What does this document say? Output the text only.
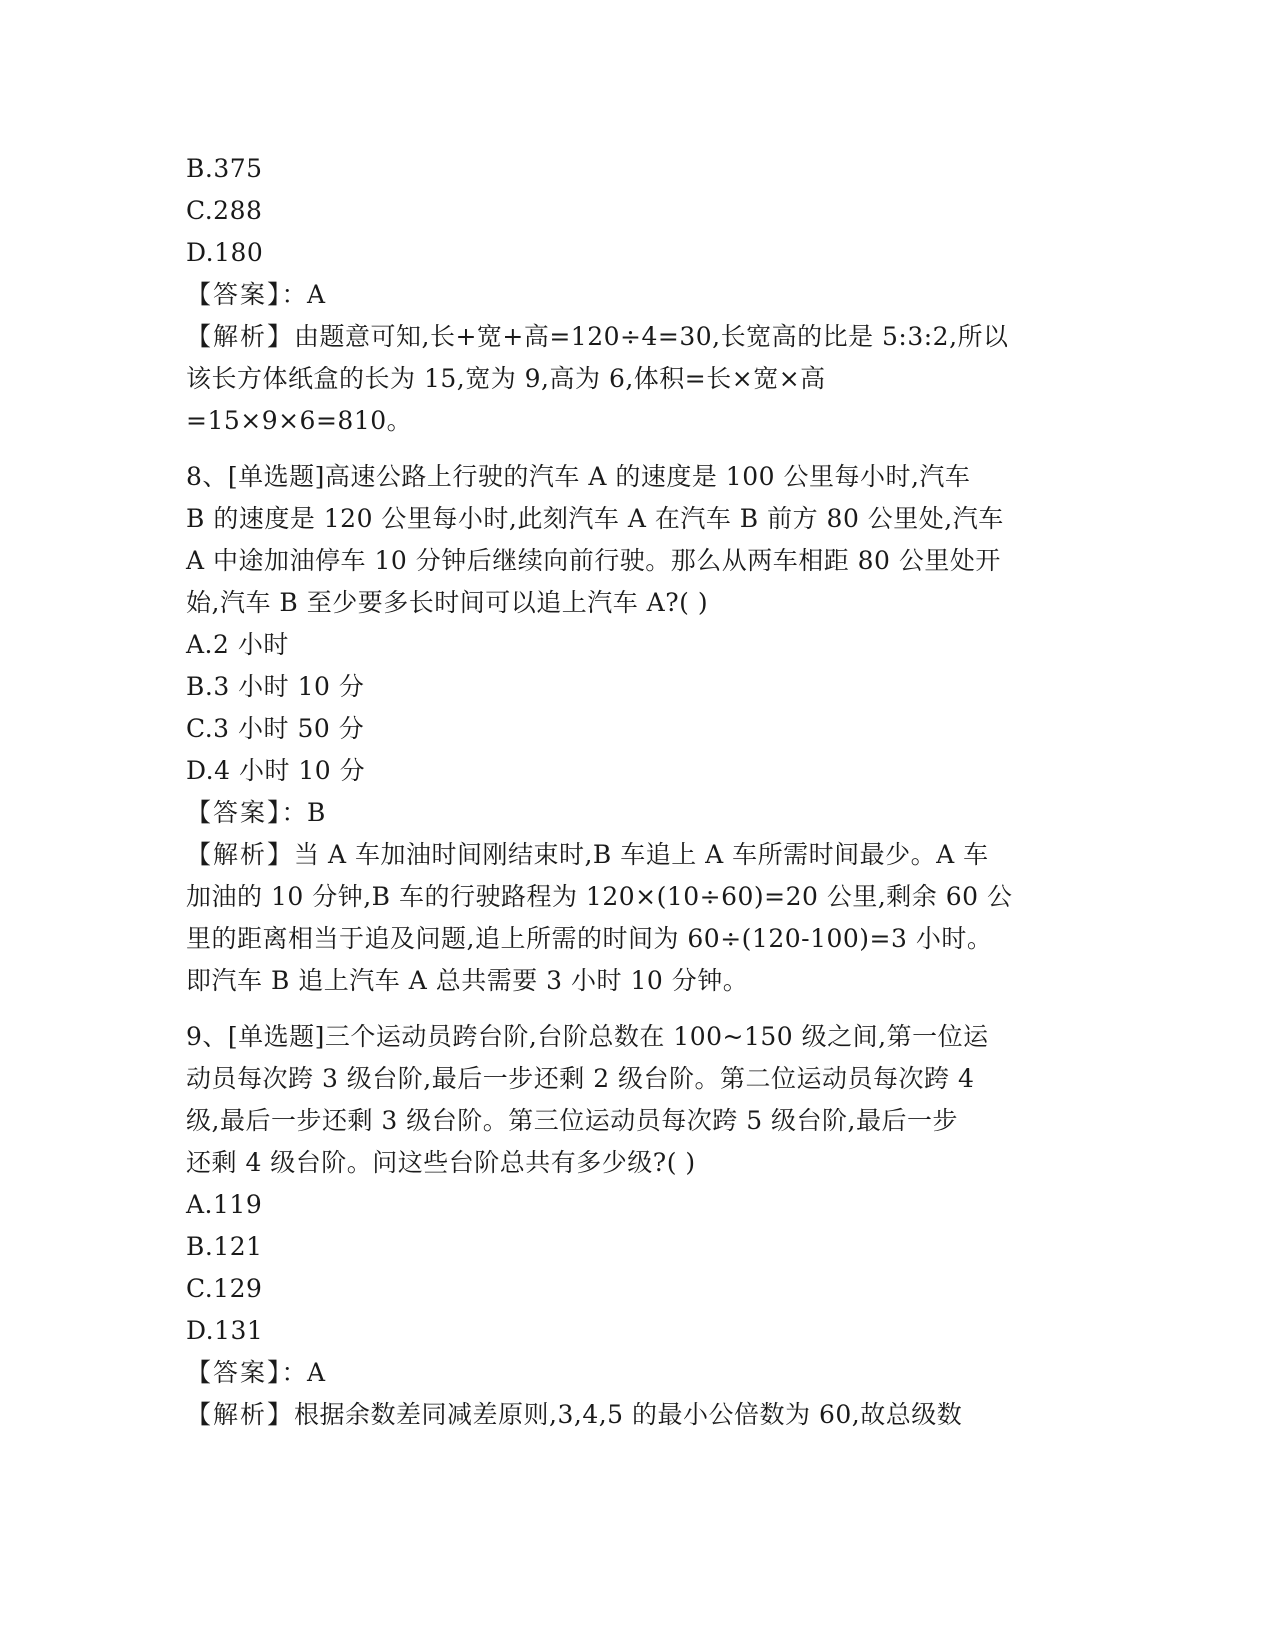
B.375
C.288
D.180
【答案】：A
【解析】由题意可知,长+宽+高=120÷4=30,长宽高的比是 5:3:2,所以
该长方体纸盒的长为 15,宽为 9,高为 6,体积=长×宽×高
=15×9×6=810。
8、[单选题]高速公路上行驶的汽车 A 的速度是 100 公里每小时,汽车
B 的速度是 120 公里每小时,此刻汽车 A 在汽车 B 前方 80 公里处,汽车
A 中途加油停车 10 分钟后继续向前行驶。那么从两车相距 80 公里处开
始,汽车 B 至少要多长时间可以追上汽车 A?( )
A.2 小时
B.3 小时 10 分
C.3 小时 50 分
D.4 小时 10 分
【答案】：B
【解析】当 A 车加油时间刚结束时,B 车追上 A 车所需时间最少。A 车
加油的 10 分钟,B 车的行驶路程为 120×(10÷60)=20 公里,剩余 60 公
里的距离相当于追及问题,追上所需的时间为 60÷(120-100)=3 小时。
即汽车 B 追上汽车 A 总共需要 3 小时 10 分钟。
9、[单选题]三个运动员跨台阶,台阶总数在 100~150 级之间,第一位运
动员每次跨 3 级台阶,最后一步还剩 2 级台阶。第二位运动员每次跨 4
级,最后一步还剩 3 级台阶。第三位运动员每次跨 5 级台阶,最后一步
还剩 4 级台阶。问这些台阶总共有多少级?( )
A.119
B.121
C.129
D.131
【答案】：A
【解析】根据余数差同减差原则,3,4,5 的最小公倍数为 60,故总级数
